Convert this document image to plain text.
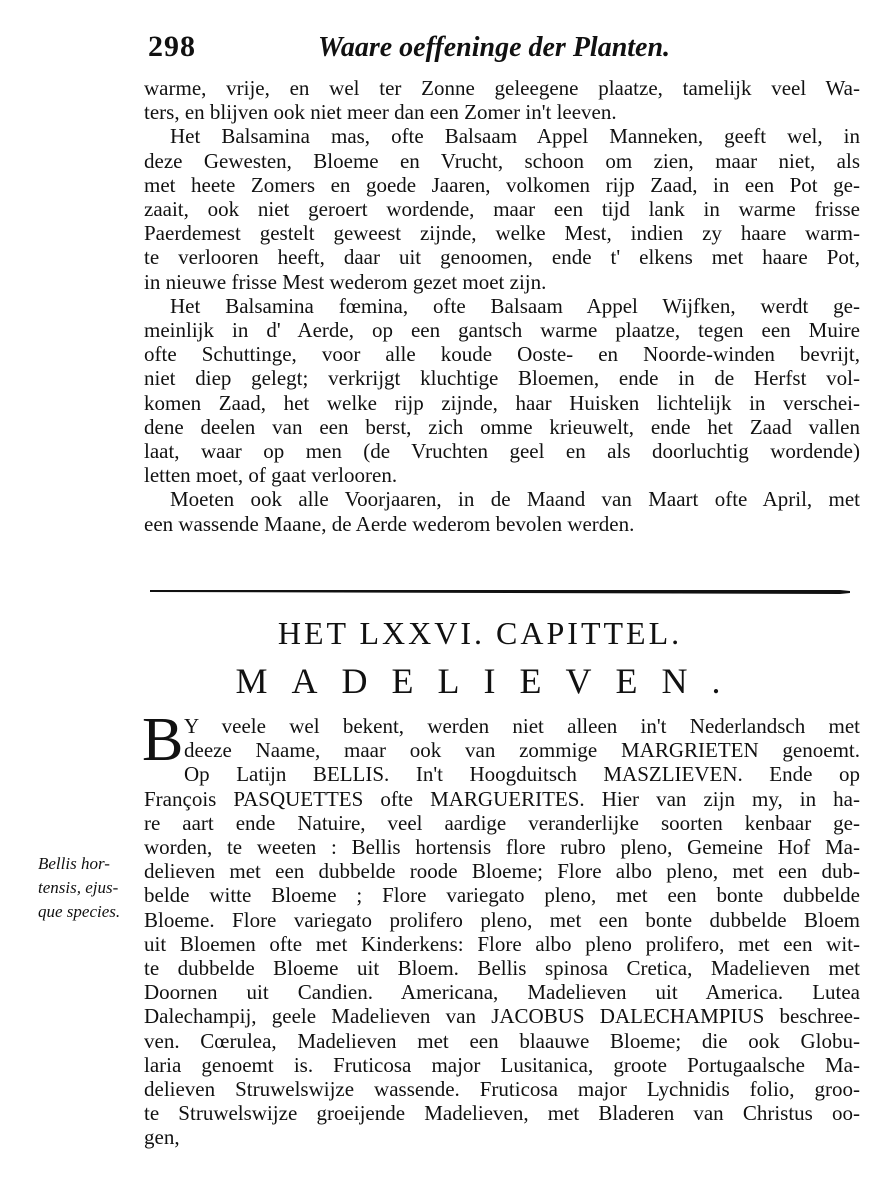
298	Waare oeffeninge der Planten.
warme, vrije, en wel ter Zonne geleegene plaatze, tamelijk veel Wa-
ters, en blijven ook niet meer dan een Zomer in't leeven.
Het Balsamina mas, ofte Balsaam Appel Manneken, geeft wel, in
deze Gewesten, Bloeme en Vrucht, schoon om zien, maar niet, als
met heete Zomers en goede Jaaren, volkomen rijp Zaad, in een Pot ge-
zaait, ook niet geroert wordende, maar een tijd lank in warme frisse
Paerdemest gestelt geweest zijnde, welke Mest, indien zy haare warm-
te verlooren heeft, daar uit genoomen, ende t' elkens met haare Pot,
in nieuwe frisse Mest wederom gezet moet zijn.
Het Balsamina fœmina, ofte Balsaam Appel Wijfken, werdt ge-
meinlijk in d' Aerde, op een gantsch warme plaatze, tegen een Muire
ofte Schuttinge, voor alle koude Ooste- en Noorde-winden bevrijt,
niet diep gelegt; verkrijgt kluchtige Bloemen, ende in de Herfst vol-
komen Zaad, het welke rijp zijnde, haar Huisken lichtelijk in verschei-
dene deelen van een berst, zich omme krieuwelt, ende het Zaad vallen
laat, waar op men (de Vruchten geel en als doorluchtig wordende)
letten moet, of gaat verlooren.
Moeten ook alle Voorjaaren, in de Maand van Maart ofte April, met
een wassende Maane, de Aerde wederom bevolen werden.
HET LXXVI. CAPITTEL.
MADELIEVEN.
B Y veele wel bekent, werden niet alleen in't Nederlandsch met
deeze Naame, maar ook van zommige MARGRIETEN genoemt.
Op Latijn BELLIS. In't Hoogduitsch MASZLIEVEN. Ende op
François PASQUETTES ofte MARGUERITES. Hier van zijn my, in ha-
re aart ende Natuire, veel aardige veranderlijke soorten kenbaar ge-
worden, te weeten : Bellis hortensis flore rubro pleno, Gemeine Hof Ma-
delieven met een dubbelde roode Bloeme; Flore albo pleno, met een dub-
belde witte Bloeme ; Flore variegato pleno, met een bonte dubbelde
Bloeme. Flore variegato prolifero pleno, met een bonte dubbelde Bloem
uit Bloemen ofte met Kinderkens: Flore albo pleno prolifero, met een wit-
te dubbelde Bloeme uit Bloem. Bellis spinosa Cretica, Madelieven met
Doornen uit Candien. Americana, Madelieven uit America. Lutea
Dalechampij, geele Madelieven van JACOBUS DALECHAMPIUS beschree-
ven. Cœrulea, Madelieven met een blaauwe Bloeme; die ook Globu-
laria genoemt is. Fruticosa major Lusitanica, groote Portugaalsche Ma-
delieven Struwelswijze wassende. Fruticosa major Lychnidis folio, groo-
te Struwelswijze groeijende Madelieven, met Bladeren van Christus oo-
gen,
Bellis hor-
tensis, ejus-
que species.
